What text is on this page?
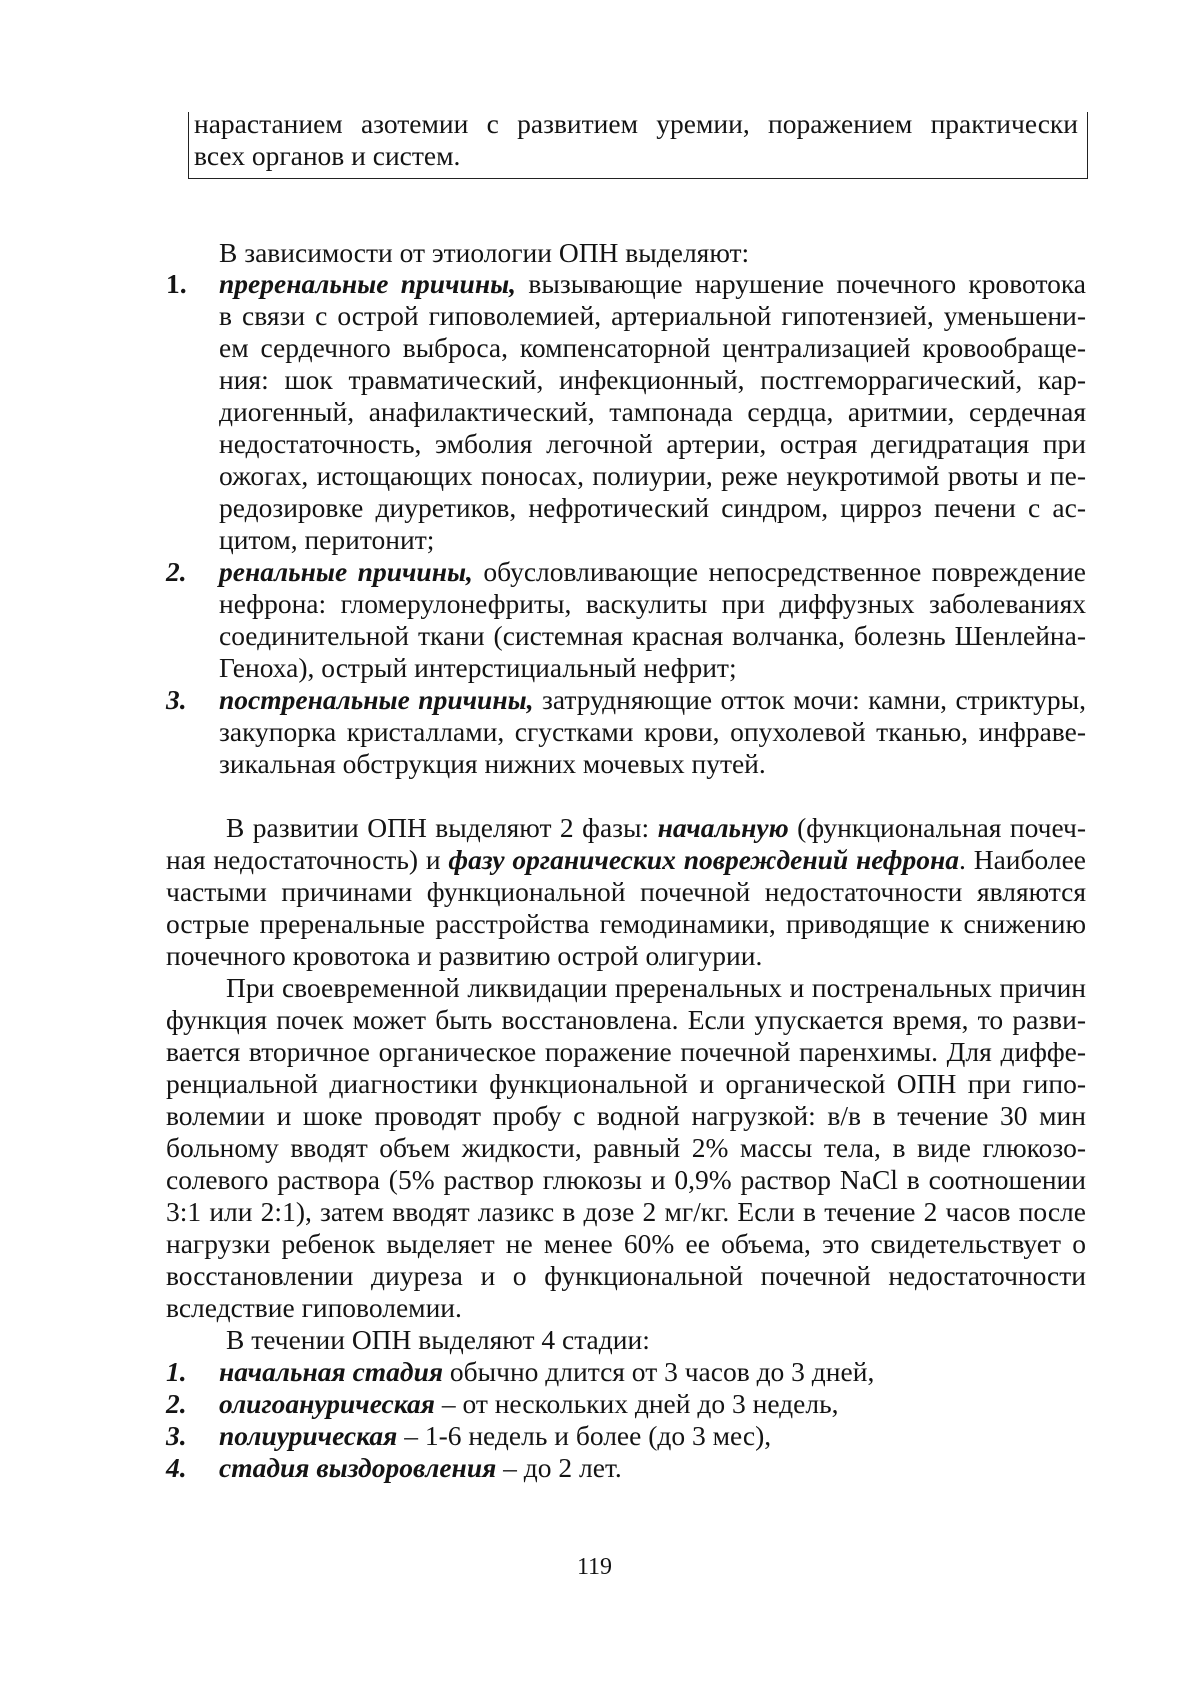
нарастанием азотемии с развитием уремии, поражением практически
всех органов и систем.
В зависимости от этиологии ОПН выделяют:
1. преренальные причины, вызывающие нарушение почечного кровотока
в связи с острой гиповолемией, артериальной гипотензией, уменьшени-
ем сердечного выброса, компенсаторной централизацией кровообраще-
ния: шок травматический, инфекционный, постгеморрагический, кар-
диогенный, анафилактический, тампонада сердца, аритмии, сердечная
недостаточность, эмболия легочной артерии, острая дегидратация при
ожогах, истощающих поносах, полиурии, реже неукротимой рвоты и пе-
редозировке диуретиков, нефротический синдром, цирроз печени с ас-
цитом, перитонит;
2. ренальные причины, обусловливающие непосредственное повреждение
нефрона: гломерулонефриты, васкулиты при диффузных заболеваниях
соединительной ткани (системная красная волчанка, болезнь Шенлейна-
Геноха), острый интерстициальный нефрит;
3. постренальные причины, затрудняющие отток мочи: камни, стриктуры,
закупорка кристаллами, сгустками крови, опухолевой тканью, инфраве-
зикальная обструкция нижних мочевых путей.
В развитии ОПН выделяют 2 фазы: начальную (функциональная почеч-
ная недостаточность) и фазу органических повреждений нефрона. Наиболее
частыми причинами функциональной почечной недостаточности являются
острые преренальные расстройства гемодинамики, приводящие к снижению
почечного кровотока и развитию острой олигурии.
При своевременной ликвидации преренальных и постренальных причин
функция почек может быть восстановлена. Если упускается время, то разви-
вается вторичное органическое поражение почечной паренхимы. Для диффе-
ренциальной диагностики функциональной и органической ОПН при гипо-
волемии и шоке проводят пробу с водной нагрузкой: в/в в течение 30 мин
больному вводят объем жидкости, равный 2% массы тела, в виде глюкозо-
солевого раствора (5% раствор глюкозы и 0,9% раствор NaCl в соотношении
3:1 или 2:1), затем вводят лазикс в дозе 2 мг/кг. Если в течение 2 часов после
нагрузки ребенок выделяет не менее 60% ее объема, это свидетельствует о
восстановлении диуреза и о функциональной почечной недостаточности
вследствие гиповолемии.
В течении ОПН выделяют 4 стадии:
1. начальная стадия обычно длится от 3 часов до 3 дней,
2. олигоанурическая – от нескольких дней до 3 недель,
3. полиурическая – 1-6 недель и более (до 3 мес),
4. стадия выздоровления – до 2 лет.
119
